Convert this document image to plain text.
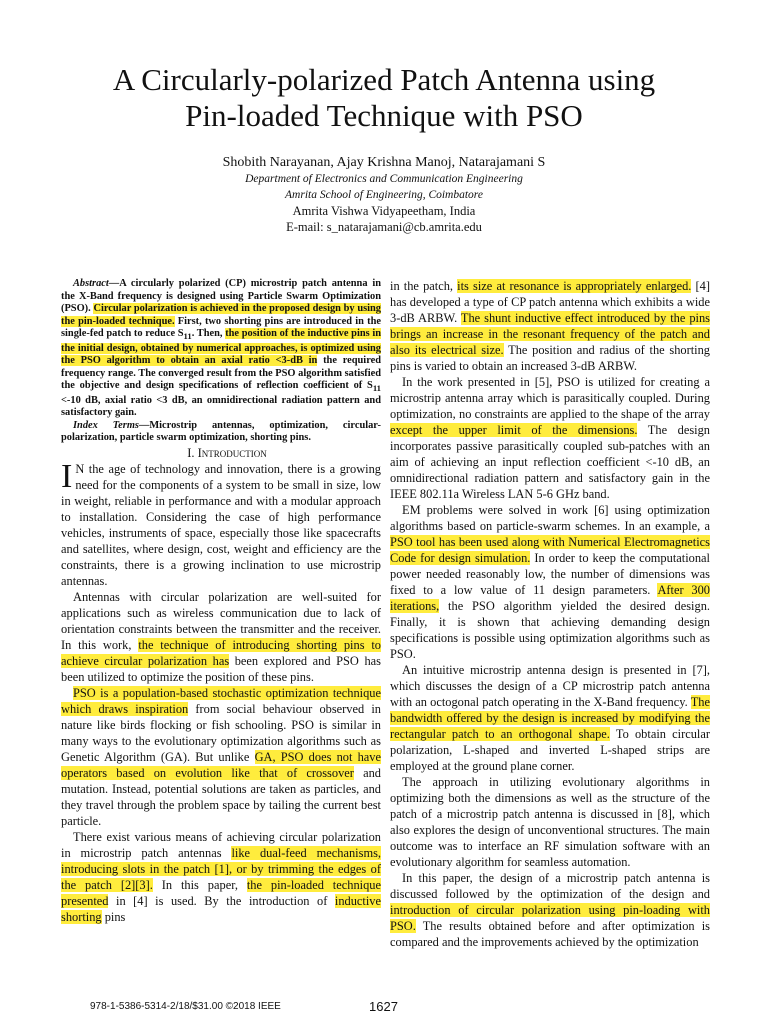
A Circularly-polarized Patch Antenna using
Pin-loaded Technique with PSO
Shobith Narayanan, Ajay Krishna Manoj, Natarajamani S
Department of Electronics and Communication Engineering
Amrita School of Engineering, Coimbatore
Amrita Vishwa Vidyapeetham, India
E-mail: s_natarajamani@cb.amrita.edu

Abstract—A circularly polarized (CP) microstrip patch antenna in the X-Band frequency is designed using Particle Swarm Optimization (PSO). Circular polarization is achieved in the proposed design by using the pin-loaded technique. First, two shorting pins are introduced in the single-fed patch to reduce $S_{11}$. Then, the position of the inductive pins in the initial design, obtained by numerical approaches, is optimized using the PSO algorithm to obtain an axial ratio <3-dB in the required frequency range. The converged result from the PSO algorithm satisfied the objective and design specifications of reflection coefficient of $S_{11} <-10$ dB, axial ratio <3 dB, an omnidirectional radiation pattern and satisfactory gain.

Index Terms—Microstrip antennas, optimization, circular-polarization, particle swarm optimization, shorting pins.

I. Introduction

I N the age of technology and innovation, there is a growing need for the components of a system to be small in size, low in weight, reliable in performance and with a modular approach to installation. Considering the case of high performance vehicles, instruments of space, especially those like spacecrafts and satellites, where design, cost, weight and efficiency are the constraints, there is a growing inclination to use microstrip antennas.

Antennas with circular polarization are well-suited for applications such as wireless communication due to lack of orientation constraints between the transmitter and the receiver. In this work, the technique of introducing shorting pins to achieve circular polarization has been explored and PSO has been utilized to optimize the position of these pins.

PSO is a population-based stochastic optimization technique which draws inspiration from social behaviour observed in nature like birds flocking or fish schooling. PSO is similar in many ways to the evolutionary optimization algorithms such as Genetic Algorithm (GA). But unlike GA, PSO does not have operators based on evolution like that of crossover and mutation. Instead, potential solutions are taken as particles, and they travel through the problem space by tailing the current best particle.

There exist various means of achieving circular polarization in microstrip patch antennas like dual-feed mechanisms, introducing slots in the patch [1], or by trimming the edges of the patch [2][3]. In this paper, the pin-loaded technique presented in [4] is used. By the introduction of inductive shorting pins

in the patch, its size at resonance is appropriately enlarged. [4] has developed a type of CP patch antenna which exhibits a wide 3-dB ARBW. The shunt inductive effect introduced by the pins brings an increase in the resonant frequency of the patch and also its electrical size. The position and radius of the shorting pins is varied to obtain an increased 3-dB ARBW.

In the work presented in [5], PSO is utilized for creating a microstrip antenna array which is parasitically coupled. During optimization, no constraints are applied to the shape of the array except the upper limit of the dimensions. The design incorporates passive parasitically coupled sub-patches with an aim of achieving an input reflection coefficient <-10 dB, an omnidirectional radiation pattern and satisfactory gain in the IEEE 802.11a Wireless LAN 5-6 GHz band.

EM problems were solved in work [6] using optimization algorithms based on particle-swarm schemes. In an example, a PSO tool has been used along with Numerical Electromagnetics Code for design simulation. In order to keep the computational power needed reasonably low, the number of dimensions was fixed to a low value of 11 design parameters. After 300 iterations, the PSO algorithm yielded the desired design. Finally, it is shown that achieving demanding design specifications is possible using optimization algorithms such as PSO.

An intuitive microstrip antenna design is presented in [7], which discusses the design of a CP microstrip patch antenna with an octogonal patch operating in the X-Band frequency. The bandwidth offered by the design is increased by modifying the rectangular patch to an orthogonal shape. To obtain circular polarization, L-shaped and inverted L-shaped strips are employed at the ground plane corner.

The approach in utilizing evolutionary algorithms in optimizing both the dimensions as well as the structure of the patch of a microstrip patch antenna is discussed in [8], which also explores the design of unconventional structures. The main outcome was to interface an RF simulation software with an evolutionary algorithm for seamless automation.

In this paper, the design of a microstrip patch antenna is discussed followed by the optimization of the design and introduction of circular polarization using pin-loading with PSO. The results obtained before and after optimization is compared and the improvements achieved by the optimization

978-1-5386-5314-2/18/$31.00 ©2018 IEEE	1627
